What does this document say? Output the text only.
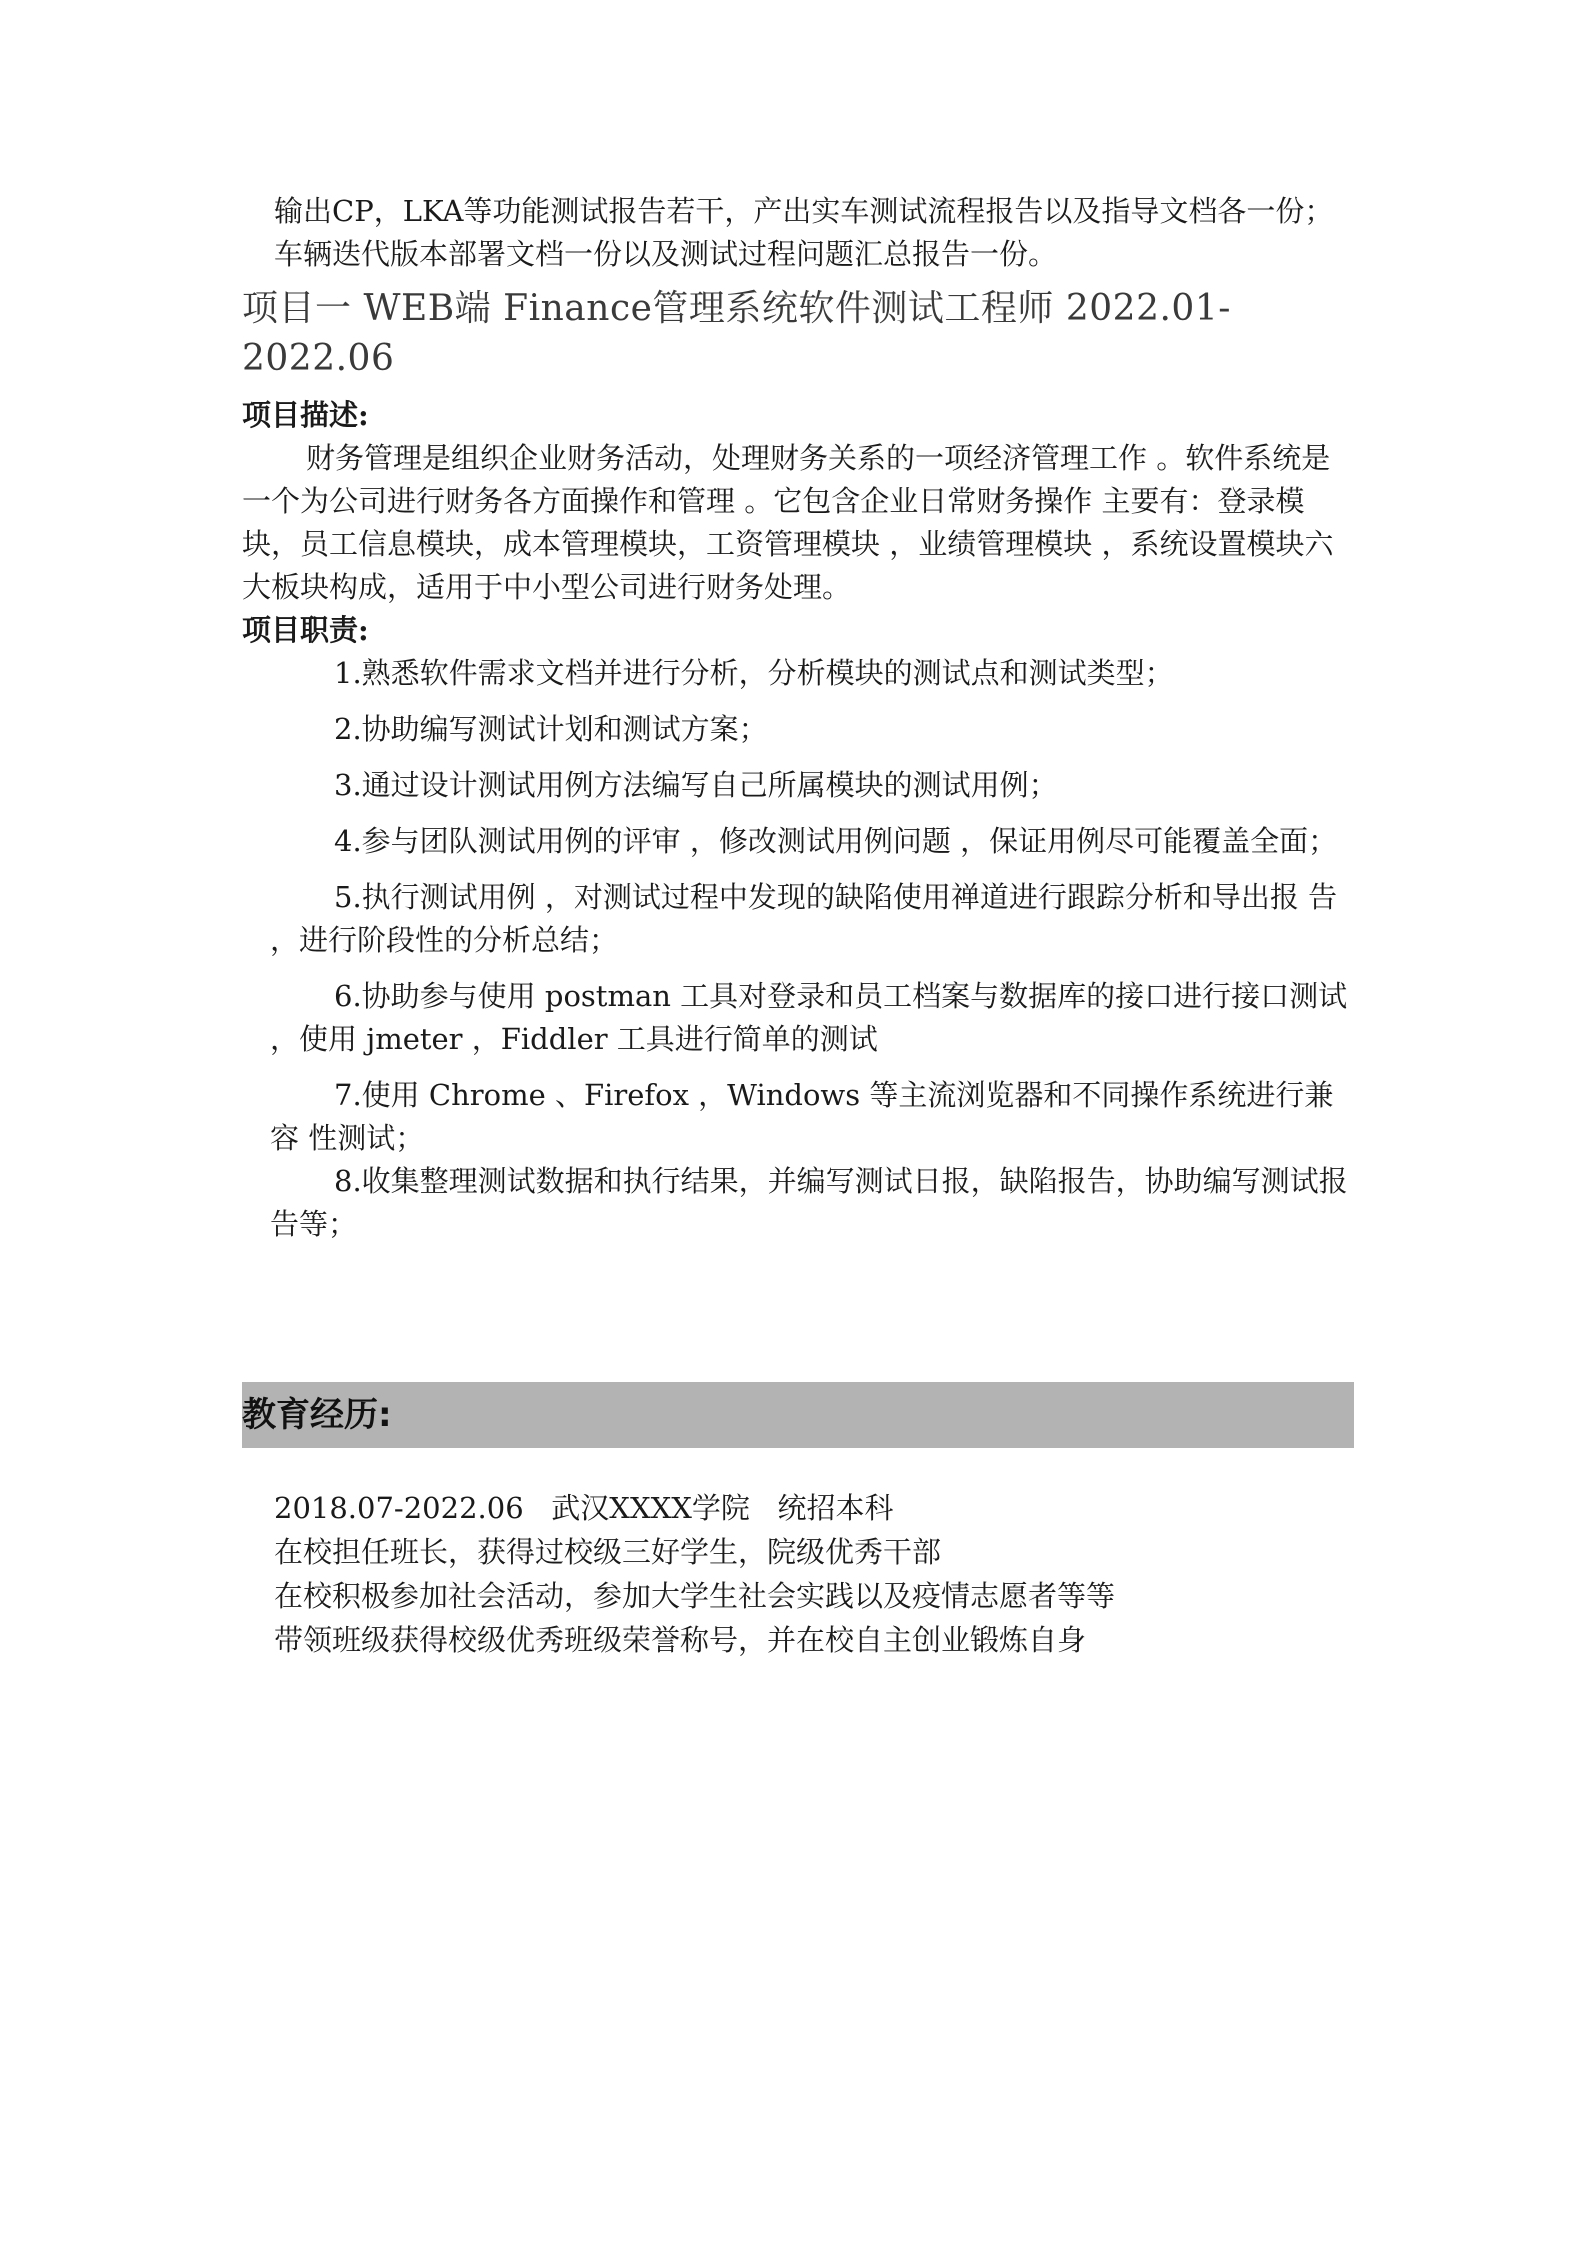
输出CP，LKA等功能测试报告若干，产出实车测试流程报告以及指导文档各一份；

车辆迭代版本部署文档一份以及测试过程问题汇总报告一份。

项目一 WEB端 Finance管理系统软件测试工程师 2022.01-2022.06

项目描述:

财务管理是组织企业财务活动，处理财务关系的一项经济管理工作 。软件系统是一个为公司进行财务各方面操作和管理 。它包含企业日常财务操作 主要有：登录模块，员工信息模块，成本管理模块，工资管理模块 ，业绩管理模块 ，系统设置模块六大板块构成，适用于中小型公司进行财务处理。

项目职责:

1.熟悉软件需求文档并进行分析，分析模块的测试点和测试类型；

2.协助编写测试计划和测试方案；

3.通过设计测试用例方法编写自己所属模块的测试用例；

4.参与团队测试用例的评审 ，修改测试用例问题 ，保证用例尽可能覆盖全面；

5.执行测试用例 ，对测试过程中发现的缺陷使用禅道进行跟踪分析和导出报 告 ，进行阶段性的分析总结；

6.协助参与使用 postman 工具对登录和员工档案与数据库的接口进行接口测试 ，使用 jmeter ，Fiddler 工具进行简单的测试

7.使用 Chrome 、Firefox ，Windows 等主流浏览器和不同操作系统进行兼容 性测试；

8.收集整理测试数据和执行结果，并编写测试日报，缺陷报告，协助编写测试报告等；

教育经历:

2018.07-2022.06   武汉XXXX学院   统招本科

在校担任班长，获得过校级三好学生，院级优秀干部

在校积极参加社会活动，参加大学生社会实践以及疫情志愿者等等

带领班级获得校级优秀班级荣誉称号，并在校自主创业锻炼自身
